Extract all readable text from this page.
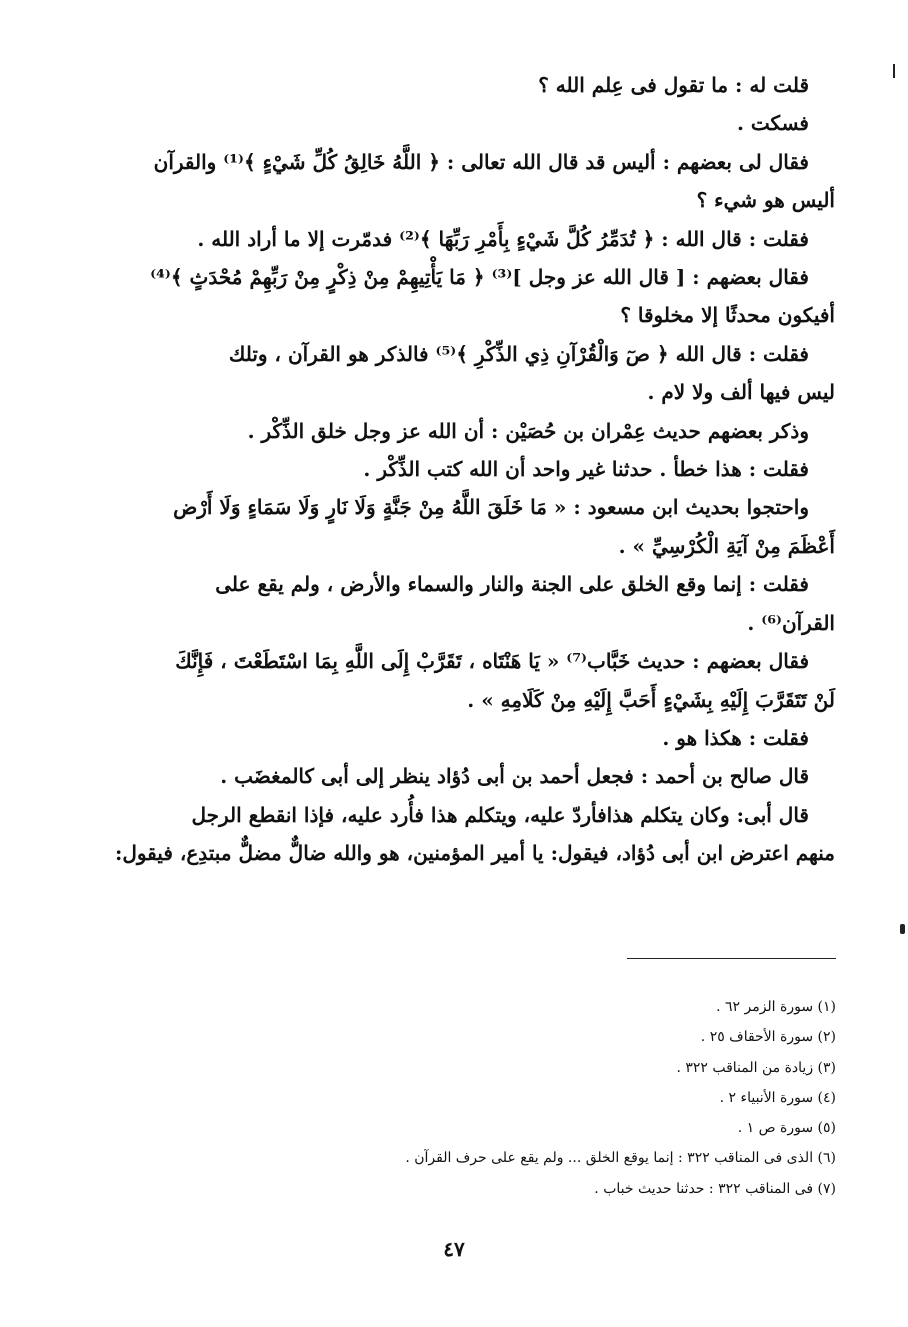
قلت له : ما تقول فى عِلم الله ؟

فسكت .

فقال لى بعضهم : أليس قد قال الله تعالى : ﴿ اللَّهُ خَالِقُ كُلِّ شَيْءٍ ﴾⁽¹⁾ والقرآن

أليس هو شيء ؟

فقلت : قال الله : ﴿ تُدَمِّرُ كُلَّ شَيْءٍ بِأَمْرِ رَبِّهَا ﴾⁽²⁾ فدمّرت إلا ما أراد الله .

فقال بعضهم : [ قال الله عز وجل ]⁽³⁾ ﴿ مَا يَأْتِيهِمْ مِنْ ذِكْرٍ مِنْ رَبِّهِمْ مُحْدَثٍ ﴾⁽⁴⁾

أفيكون محدثًا إلا مخلوقا ؟

فقلت : قال الله ﴿ صٓ وَالْقُرْآنِ ذِي الذِّكْرِ ﴾⁽⁵⁾ فالذكر هو القرآن ، وتلك

ليس فيها ألف ولا لام .

وذكر بعضهم حديث عِمْران بن حُصَيْن : أن الله عز وجل خلق الذِّكْر .

فقلت : هذا خطأ . حدثنا غير واحد أن الله كتب الذِّكْر .

واحتجوا بحديث ابن مسعود : « مَا خَلَقَ اللَّهُ مِنْ جَنَّةٍ وَلَا نَارٍ وَلَا سَمَاءٍ وَلَا أَرْض

أَعْظَمَ مِنْ آيَةِ الْكُرْسِيِّ » .

فقلت : إنما وقع الخلق على الجنة والنار والسماء والأرض ، ولم يقع على

القرآن⁽⁶⁾ .

فقال بعضهم : حديث خَبَّاب⁽⁷⁾ « يَا هَنْتَاه ، تَقَرَّبْ إِلَى اللَّهِ بِمَا اسْتَطَعْتَ ، فَإِنَّكَ

لَنْ تَتَقَرَّبَ إِلَيْهِ بِشَيْءٍ أَحَبَّ إِلَيْهِ مِنْ كَلَامِهِ » .

فقلت : هكذا هو .

قال صالح بن أحمد : فجعل أحمد بن أبى دُؤاد ينظر إلى أبى كالمغضَب .

قال أبى: وكان يتكلم هذافأردّ عليه، ويتكلم هذا فأُرد عليه، فإذا انقطع الرجل

منهم اعترض ابن أبى دُؤاد، فيقول: يا أمير المؤمنين، هو والله ضالٌّ مضلٌّ مبتدِع، فيقول:

(١) سورة الزمر ٦٢ .

(٢) سورة الأحقاف ٢٥ .

(٣) زيادة من المناقب ٣٢٢ .

(٤) سورة الأنبياء ٢ .

(٥) سورة ص ١ .

(٦) الذى فى المناقب ٣٢٢ : إنما يوقع الخلق ... ولم يقع على حرف القرآن .

(٧) فى المناقب ٣٢٢ : حدثنا حديث خباب .

٤٧
